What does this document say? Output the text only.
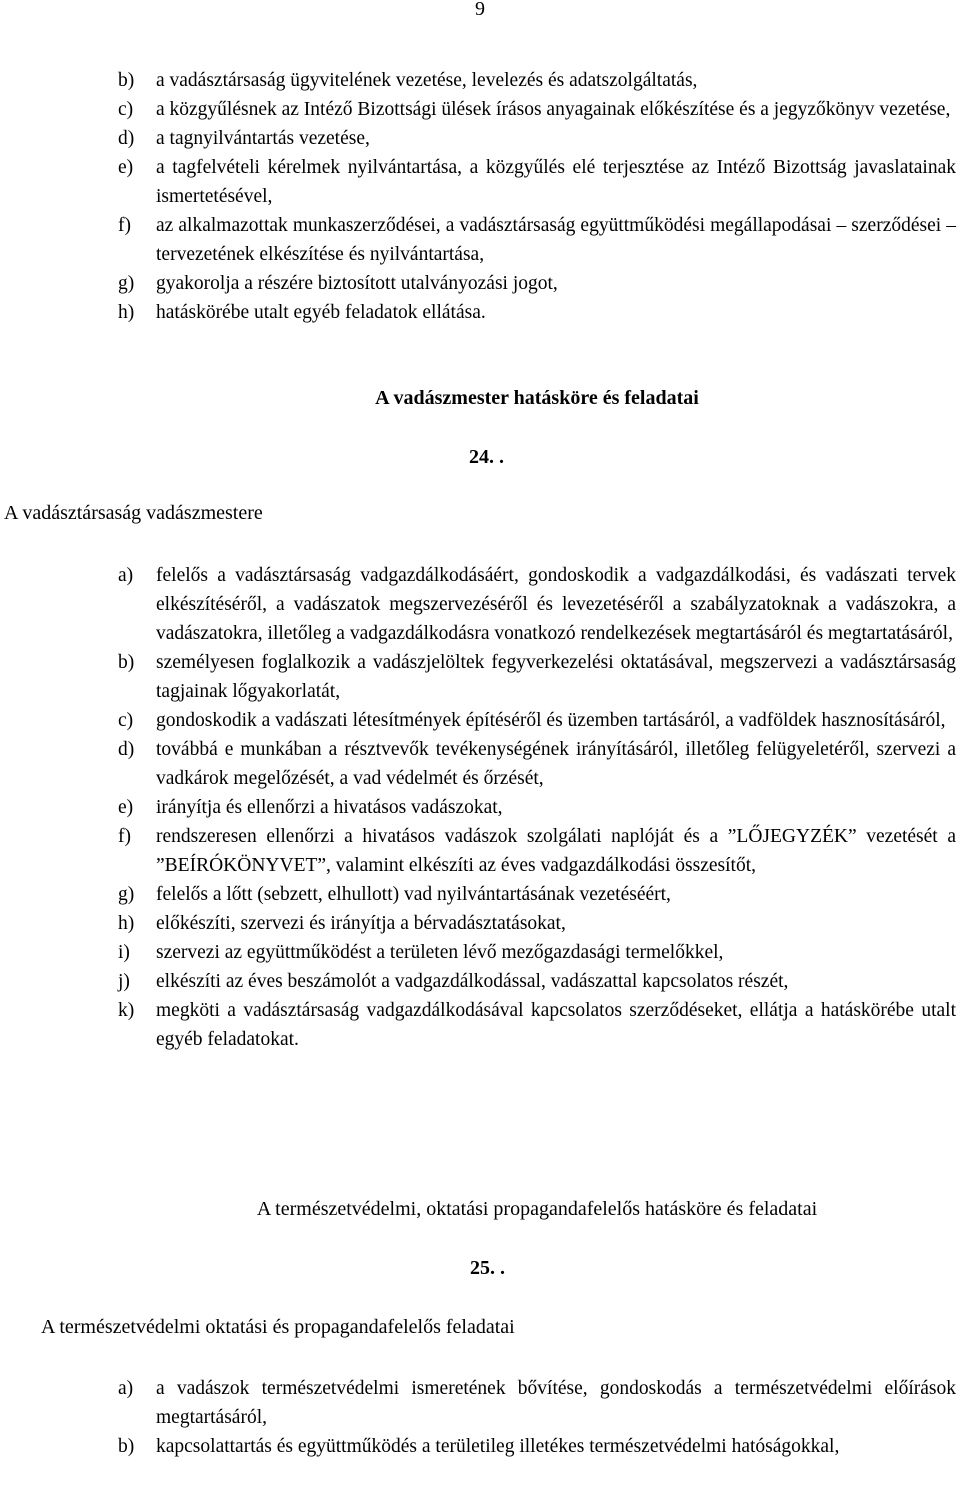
9
b)	a vadásztársaság ügyvitelének vezetése, levelezés és adatszolgáltatás,
c)	a közgyűlésnek az Intéző Bizottsági ülések írásos anyagainak előkészítése és a jegyzőkönyv vezetése,
d)	a tagnyilvántartás vezetése,
e)	a tagfelvételi kérelmek nyilvántartása, a közgyűlés elé terjesztése az Intéző Bizottság javaslatainak ismertetésével,
f)	az alkalmazottak munkaszerződései, a vadásztársaság együttműködési megállapodásai – szerződései – tervezetének elkészítése és nyilvántartása,
g)	gyakorolja a részére biztosított utalványozási jogot,
h)	hatáskörébe utalt egyéb feladatok ellátása.
A vadászmester hatásköre és feladatai
24. .
A vadásztársaság vadászmestere
a)	felelős a vadásztársaság vadgazdálkodásáért, gondoskodik a vadgazdálkodási, és vadászati tervek elkészítéséről, a vadászatok megszervezéséről és levezetéséről a szabályzatoknak a vadászokra, a vadászatokra, illetőleg a vadgazdálkodásra vonatkozó rendelkezések megtartásáról és megtartatásáról,
b)	személyesen foglalkozik a vadászjelöltek fegyverkezelési oktatásával, megszervezi a vadásztársaság tagjainak lőgyakorlatát,
c)	gondoskodik a vadászati létesítmények építéséről és üzemben tartásáról, a vadföldek hasznosításáról,
d)	továbbá e munkában a résztvevők tevékenységének irányításáról, illetőleg felügyeletéről, szervezi a vadkárok megelőzését, a vad védelmét és őrzését,
e)	irányítja és ellenőrzi a hivatásos vadászokat,
f)	rendszeresen ellenőrzi a hivatásos vadászok szolgálati naplóját és a ”LŐJEGYZÉK” vezetését a ”BEÍRÓKÖNYVET”, valamint elkészíti az éves vadgazdálkodási összesítőt,
g)	felelős a lőtt (sebzett, elhullott) vad nyilvántartásának vezetéséért,
h)	előkészíti, szervezi és irányítja a bérvadásztatásokat,
i)	szervezi az együttműködést a területen lévő mezőgazdasági termelőkkel,
j)	elkészíti az éves beszámolót a vadgazdálkodással, vadászattal kapcsolatos részét,
k)	megköti a vadásztársaság vadgazdálkodásával kapcsolatos szerződéseket, ellátja a hatáskörébe utalt egyéb feladatokat.
A természetvédelmi, oktatási propagandafelelős hatásköre és feladatai
25. .
A természetvédelmi oktatási és propagandafelelős feladatai
a)	a vadászok természetvédelmi ismeretének bővítése, gondoskodás a természetvédelmi előírások megtartásáról,
b)	kapcsolattartás és együttműködés a területileg illetékes természetvédelmi hatóságokkal,
